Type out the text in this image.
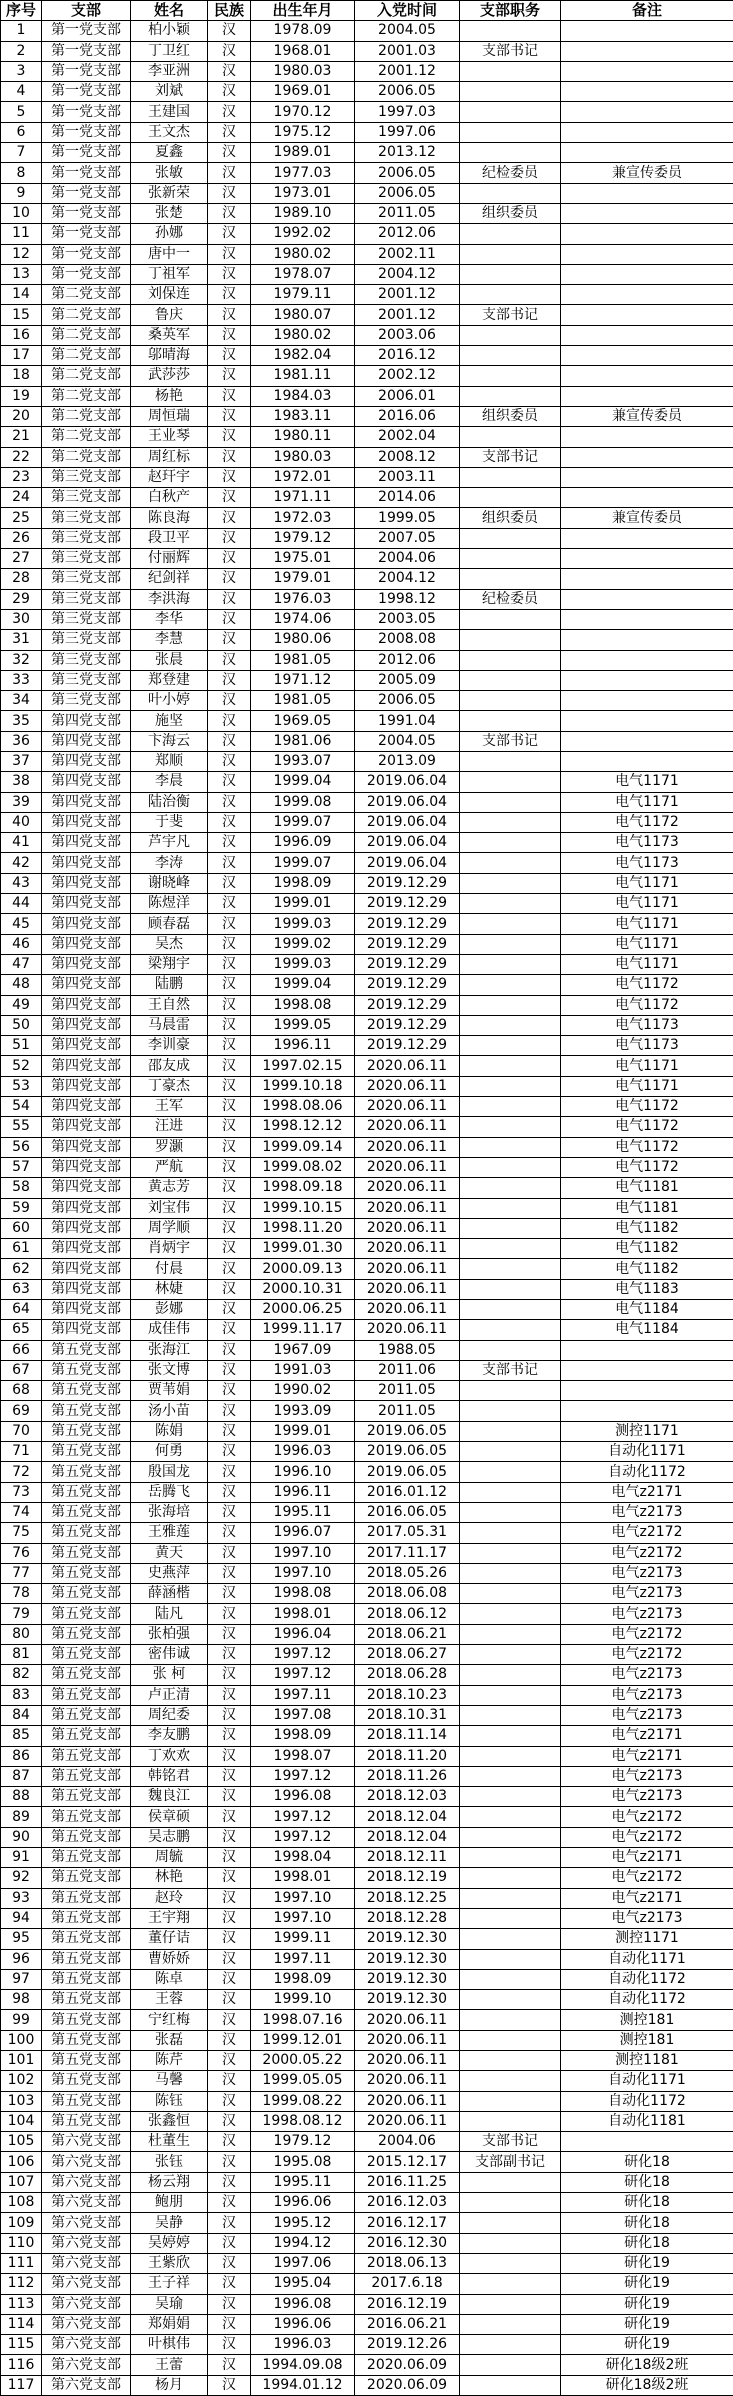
序号	支部	姓名	民族	出生年月	入党时间	支部职务	备注
1	第一党支部	柏小颖	汉	1978.09	2004.05		
2	第一党支部	丁卫红	汉	1968.01	2001.03	支部书记	
3	第一党支部	李亚洲	汉	1980.03	2001.12		
4	第一党支部	刘斌	汉	1969.01	2006.05		
5	第一党支部	王建国	汉	1970.12	1997.03		
6	第一党支部	王文杰	汉	1975.12	1997.06		
7	第一党支部	夏鑫	汉	1989.01	2013.12		
8	第一党支部	张敏	汉	1977.03	2006.05	纪检委员	兼宣传委员
9	第一党支部	张新荣	汉	1973.01	2006.05		
10	第一党支部	张楚	汉	1989.10	2011.05	组织委员	
11	第一党支部	孙娜	汉	1992.02	2012.06		
12	第一党支部	唐中一	汉	1980.02	2002.11		
13	第一党支部	丁祖军	汉	1978.07	2004.12		
14	第二党支部	刘保连	汉	1979.11	2001.12		
15	第二党支部	鲁庆	汉	1980.07	2001.12	支部书记	
16	第二党支部	桑英军	汉	1980.02	2003.06		
17	第二党支部	邬晴海	汉	1982.04	2016.12		
18	第二党支部	武莎莎	汉	1981.11	2002.12		
19	第二党支部	杨艳	汉	1984.03	2006.01		
20	第二党支部	周恒瑞	汉	1983.11	2016.06	组织委员	兼宣传委员
21	第二党支部	王业琴	汉	1980.11	2002.04		
22	第二党支部	周红标	汉	1980.03	2008.12	支部书记	
23	第三党支部	赵玕宇	汉	1972.01	2003.11		
24	第三党支部	白秋产	汉	1971.11	2014.06		
25	第三党支部	陈良海	汉	1972.03	1999.05	组织委员	兼宣传委员
26	第三党支部	段卫平	汉	1979.12	2007.05		
27	第三党支部	付丽辉	汉	1975.01	2004.06		
28	第三党支部	纪剑祥	汉	1979.01	2004.12		
29	第三党支部	李洪海	汉	1976.03	1998.12	纪检委员	
30	第三党支部	李华	汉	1974.06	2003.05		
31	第三党支部	李慧	汉	1980.06	2008.08		
32	第三党支部	张晨	汉	1981.05	2012.06		
33	第三党支部	郑登建	汉	1971.12	2005.09		
34	第三党支部	叶小婷	汉	1981.05	2006.05		
35	第四党支部	施坚	汉	1969.05	1991.04		
36	第四党支部	卞海云	汉	1981.06	2004.05	支部书记	
37	第四党支部	郑顺	汉	1993.07	2013.09		
38	第四党支部	李晨	汉	1999.04	2019.06.04		电气1171
39	第四党支部	陆治衡	汉	1999.08	2019.06.04		电气1171
40	第四党支部	于斐	汉	1999.07	2019.06.04		电气1172
41	第四党支部	芦宇凡	汉	1996.09	2019.06.04		电气1173
42	第四党支部	李涛	汉	1999.07	2019.06.04		电气1173
43	第四党支部	谢晓峰	汉	1998.09	2019.12.29		电气1171
44	第四党支部	陈煜洋	汉	1999.01	2019.12.29		电气1171
45	第四党支部	顾春磊	汉	1999.03	2019.12.29		电气1171
46	第四党支部	吴杰	汉	1999.02	2019.12.29		电气1171
47	第四党支部	梁翔宇	汉	1999.03	2019.12.29		电气1171
48	第四党支部	陆鹏	汉	1999.04	2019.12.29		电气1172
49	第四党支部	王自然	汉	1998.08	2019.12.29		电气1172
50	第四党支部	马晨雷	汉	1999.05	2019.12.29		电气1173
51	第四党支部	李训豪	汉	1996.11	2019.12.29		电气1173
52	第四党支部	邵友成	汉	1997.02.15	2020.06.11		电气1171
53	第四党支部	丁豪杰	汉	1999.10.18	2020.06.11		电气1171
54	第四党支部	王军	汉	1998.08.06	2020.06.11		电气1172
55	第四党支部	汪进	汉	1998.12.12	2020.06.11		电气1172
56	第四党支部	罗灏	汉	1999.09.14	2020.06.11		电气1172
57	第四党支部	严航	汉	1999.08.02	2020.06.11		电气1172
58	第四党支部	黄志芳	汉	1998.09.18	2020.06.11		电气1181
59	第四党支部	刘宝伟	汉	1999.10.15	2020.06.11		电气1181
60	第四党支部	周学顺	汉	1998.11.20	2020.06.11		电气1182
61	第四党支部	肖炳宇	汉	1999.01.30	2020.06.11		电气1182
62	第四党支部	付晨	汉	2000.09.13	2020.06.11		电气1182
63	第四党支部	林婕	汉	2000.10.31	2020.06.11		电气1183
64	第四党支部	彭娜	汉	2000.06.25	2020.06.11		电气1184
65	第四党支部	成佳伟	汉	1999.11.17	2020.06.11		电气1184
66	第五党支部	张海江	汉	1967.09	1988.05		
67	第五党支部	张文博	汉	1991.03	2011.06	支部书记	
68	第五党支部	贾苇娟	汉	1990.02	2011.05		
69	第五党支部	汤小苗	汉	1993.09	2011.05		
70	第五党支部	陈娟	汉	1999.01	2019.06.05		测控1171
71	第五党支部	何勇	汉	1996.03	2019.06.05		自动化1171
72	第五党支部	殷国龙	汉	1996.10	2019.06.05		自动化1172
73	第五党支部	岳腾飞	汉	1996.11	2016.01.12		电气z2171
74	第五党支部	张海培	汉	1995.11	2016.06.05		电气z2173
75	第五党支部	王雅莲	汉	1996.07	2017.05.31		电气z2172
76	第五党支部	黄天	汉	1997.10	2017.11.17		电气z2172
77	第五党支部	史燕萍	汉	1997.10	2018.05.26		电气z2173
78	第五党支部	薛涵楷	汉	1998.08	2018.06.08		电气z2173
79	第五党支部	陆凡	汉	1998.01	2018.06.12		电气z2173
80	第五党支部	张柏强	汉	1996.04	2018.06.21		电气z2172
81	第五党支部	密伟诚	汉	1997.12	2018.06.27		电气z2172
82	第五党支部	张 柯	汉	1997.12	2018.06.28		电气z2173
83	第五党支部	卢正清	汉	1997.11	2018.10.23		电气z2173
84	第五党支部	周纪委	汉	1997.08	2018.10.31		电气z2173
85	第五党支部	李友鹏	汉	1998.09	2018.11.14		电气z2171
86	第五党支部	丁欢欢	汉	1998.07	2018.11.20		电气z2171
87	第五党支部	韩铭君	汉	1997.12	2018.11.26		电气z2173
88	第五党支部	魏良江	汉	1996.08	2018.12.03		电气z2173
89	第五党支部	侯章硕	汉	1997.12	2018.12.04		电气z2172
90	第五党支部	吴志鹏	汉	1997.12	2018.12.04		电气z2172
91	第五党支部	周毓	汉	1998.04	2018.12.11		电气z2171
92	第五党支部	林艳	汉	1998.01	2018.12.19		电气z2172
93	第五党支部	赵玲	汉	1997.10	2018.12.25		电气z2171
94	第五党支部	王宇翔	汉	1997.10	2018.12.28		电气z2173
95	第五党支部	董仔诘	汉	1999.11	2019.12.30		测控1171
96	第五党支部	曹娇娇	汉	1997.11	2019.12.30		自动化1171
97	第五党支部	陈卓	汉	1998.09	2019.12.30		自动化1172
98	第五党支部	王蓉	汉	1999.10	2019.12.30		自动化1172
99	第五党支部	宁红梅	汉	1998.07.16	2020.06.11		测控181
100	第五党支部	张磊	汉	1999.12.01	2020.06.11		测控181
101	第五党支部	陈芹	汉	2000.05.22	2020.06.11		测控1181
102	第五党支部	马馨	汉	1999.05.05	2020.06.11		自动化1171
103	第五党支部	陈钰	汉	1999.08.22	2020.06.11		自动化1172
104	第五党支部	张鑫恒	汉	1998.08.12	2020.06.11		自动化1181
105	第六党支部	杜董生	汉	1979.12	2004.06	支部书记	
106	第六党支部	张钰	汉	1995.08	2015.12.17	支部副书记	研化18
107	第六党支部	杨云翔	汉	1995.11	2016.11.25		研化18
108	第六党支部	鲍朋	汉	1996.06	2016.12.03		研化18
109	第六党支部	吴静	汉	1995.12	2016.12.17		研化18
110	第六党支部	吴婷婷	汉	1994.12	2016.12.30		研化18
111	第六党支部	王紫欣	汉	1997.06	2018.06.13		研化19
112	第六党支部	王子祥	汉	1995.04	2017.6.18		研化19
113	第六党支部	吴瑜	汉	1996.08	2016.12.19		研化19
114	第六党支部	郑娟娟	汉	1996.06	2016.06.21		研化19
115	第六党支部	叶棋伟	汉	1996.03	2019.12.26		研化19
116	第六党支部	王蕾	汉	1994.09.08	2020.06.09		研化18级2班
117	第六党支部	杨月	汉	1994.01.12	2020.06.09		研化18级2班
